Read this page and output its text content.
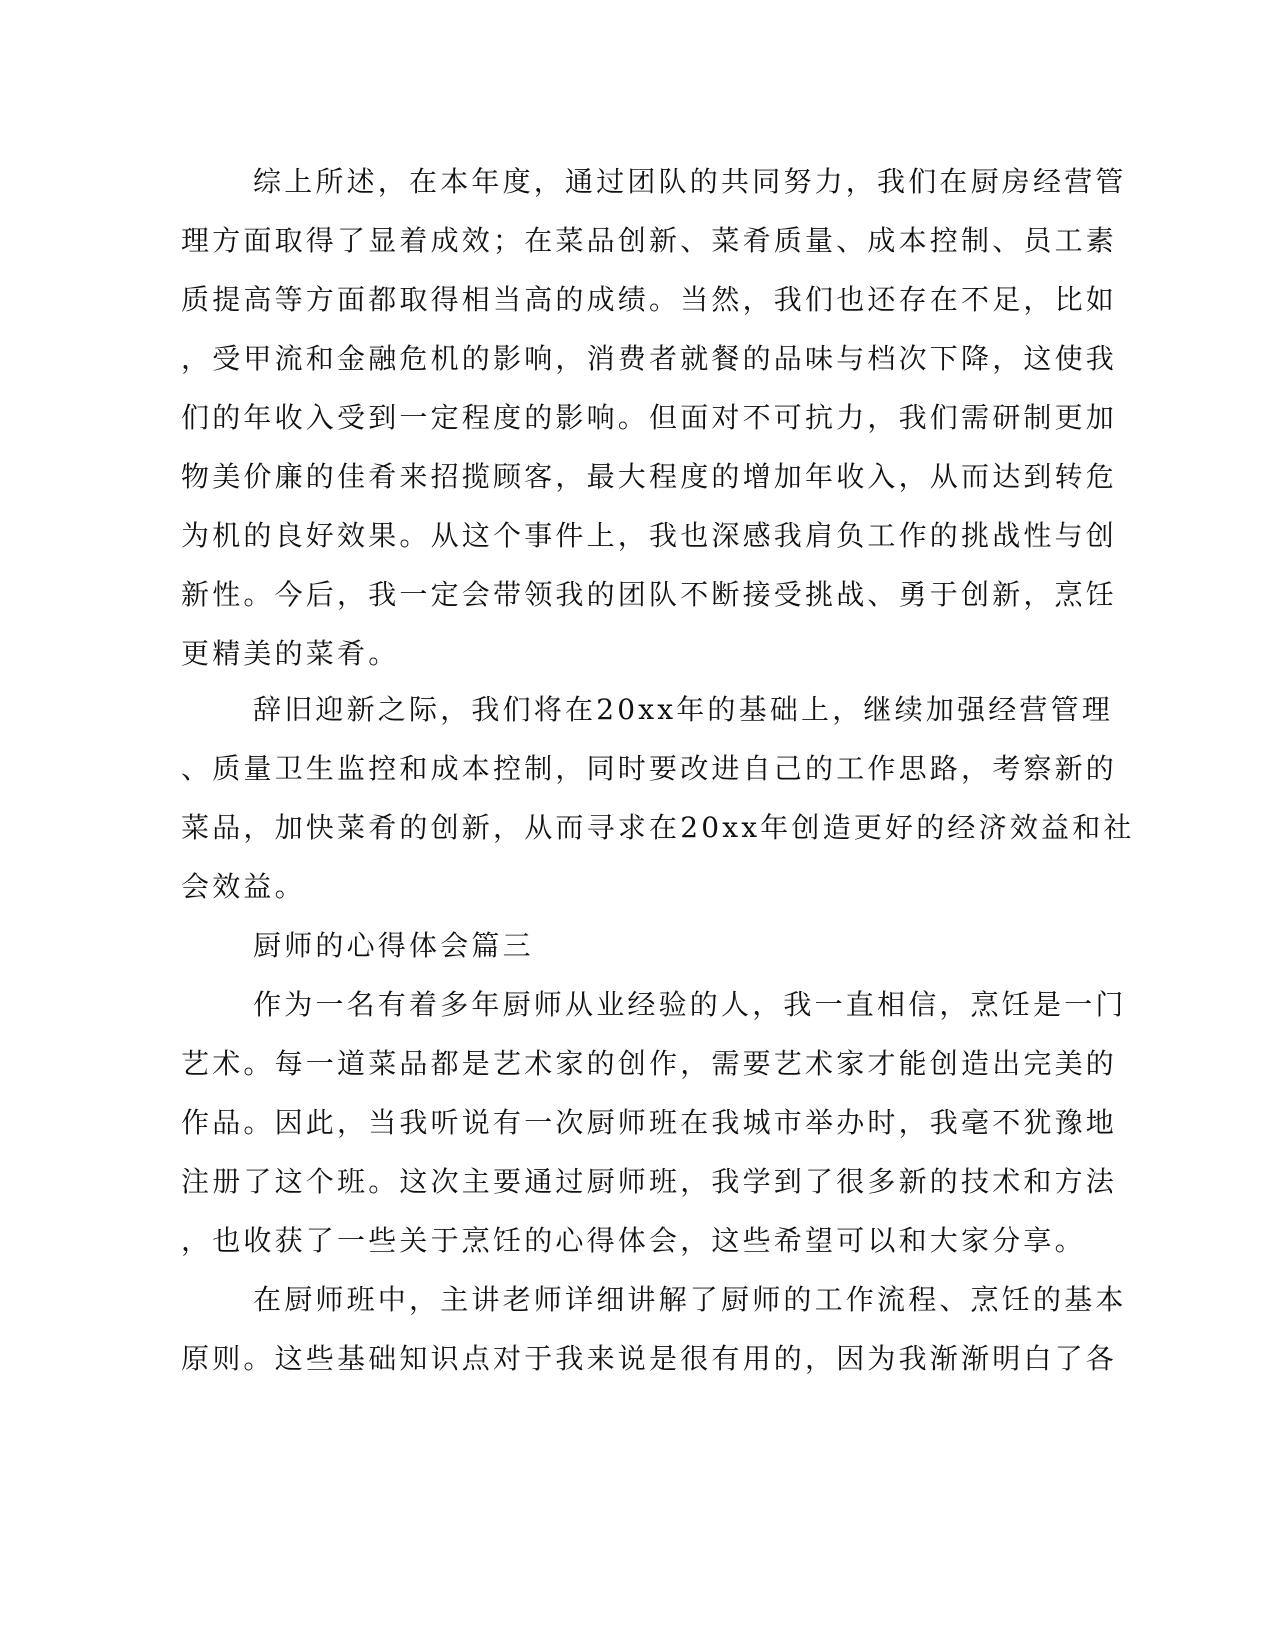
综上所述，在本年度，通过团队的共同努力，我们在厨房经营管
理方面取得了显着成效；在菜品创新、菜肴质量、成本控制、员工素
质提高等方面都取得相当高的成绩。当然，我们也还存在不足，比如
，受甲流和金融危机的影响，消费者就餐的品味与档次下降，这使我
们的年收入受到一定程度的影响。但面对不可抗力，我们需研制更加
物美价廉的佳肴来招揽顾客，最大程度的增加年收入，从而达到转危
为机的良好效果。从这个事件上，我也深感我肩负工作的挑战性与创
新性。今后，我一定会带领我的团队不断接受挑战、勇于创新，烹饪
更精美的菜肴。
辞旧迎新之际，我们将在20xx年的基础上，继续加强经营管理
、质量卫生监控和成本控制，同时要改进自己的工作思路，考察新的
菜品，加快菜肴的创新，从而寻求在20xx年创造更好的经济效益和社
会效益。
厨师的心得体会篇三
作为一名有着多年厨师从业经验的人，我一直相信，烹饪是一门
艺术。每一道菜品都是艺术家的创作，需要艺术家才能创造出完美的
作品。因此，当我听说有一次厨师班在我城市举办时，我毫不犹豫地
注册了这个班。这次主要通过厨师班，我学到了很多新的技术和方法
，也收获了一些关于烹饪的心得体会，这些希望可以和大家分享。
在厨师班中，主讲老师详细讲解了厨师的工作流程、烹饪的基本
原则。这些基础知识点对于我来说是很有用的，因为我渐渐明白了各
